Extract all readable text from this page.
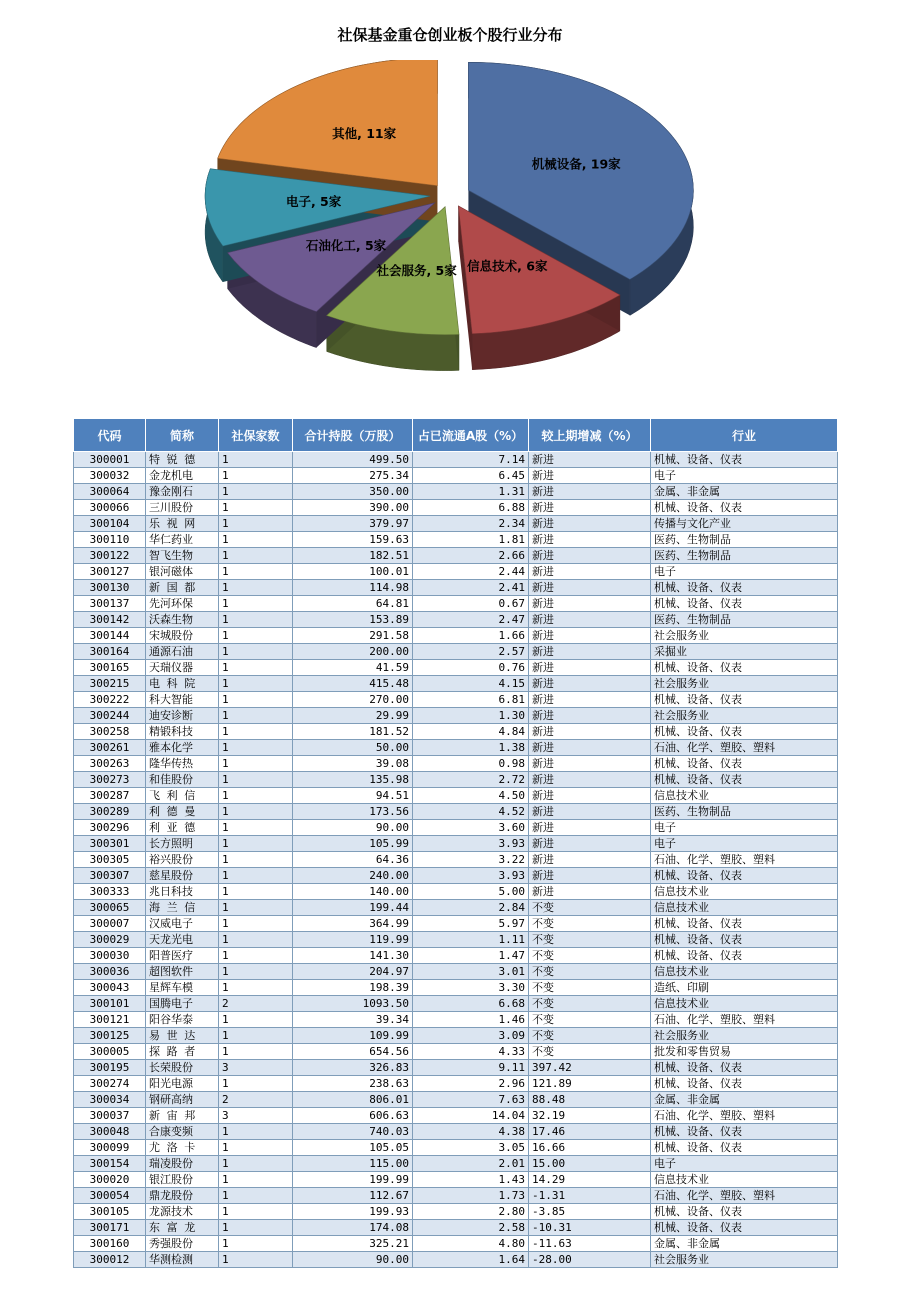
社保基金重仓创业板个股行业分布
机械设备, 19家
信息技术, 6家
社会服务, 5家
石油化工, 5家
电子, 5家
其他, 11家
代码	简称	社保家数	合计持股（万股）	占已流通A股（%）	较上期增减（%）	行业
300001	特 锐 德	1	499.50	7.14	新进	机械、设备、仪表
300032	金龙机电	1	275.34	6.45	新进	电子
300064	豫金刚石	1	350.00	1.31	新进	金属、非金属
300066	三川股份	1	390.00	6.88	新进	机械、设备、仪表
300104	乐 视 网	1	379.97	2.34	新进	传播与文化产业
300110	华仁药业	1	159.63	1.81	新进	医药、生物制品
300122	智飞生物	1	182.51	2.66	新进	医药、生物制品
300127	银河磁体	1	100.01	2.44	新进	电子
300130	新 国 都	1	114.98	2.41	新进	机械、设备、仪表
300137	先河环保	1	64.81	0.67	新进	机械、设备、仪表
300142	沃森生物	1	153.89	2.47	新进	医药、生物制品
300144	宋城股份	1	291.58	1.66	新进	社会服务业
300164	通源石油	1	200.00	2.57	新进	采掘业
300165	天瑞仪器	1	41.59	0.76	新进	机械、设备、仪表
300215	电 科 院	1	415.48	4.15	新进	社会服务业
300222	科大智能	1	270.00	6.81	新进	机械、设备、仪表
300244	迪安诊断	1	29.99	1.30	新进	社会服务业
300258	精锻科技	1	181.52	4.84	新进	机械、设备、仪表
300261	雅本化学	1	50.00	1.38	新进	石油、化学、塑胶、塑料
300263	隆华传热	1	39.08	0.98	新进	机械、设备、仪表
300273	和佳股份	1	135.98	2.72	新进	机械、设备、仪表
300287	飞 利 信	1	94.51	4.50	新进	信息技术业
300289	利 德 曼	1	173.56	4.52	新进	医药、生物制品
300296	利 亚 德	1	90.00	3.60	新进	电子
300301	长方照明	1	105.99	3.93	新进	电子
300305	裕兴股份	1	64.36	3.22	新进	石油、化学、塑胶、塑料
300307	慈星股份	1	240.00	3.93	新进	机械、设备、仪表
300333	兆日科技	1	140.00	5.00	新进	信息技术业
300065	海 兰 信	1	199.44	2.84	不变	信息技术业
300007	汉威电子	1	364.99	5.97	不变	机械、设备、仪表
300029	天龙光电	1	119.99	1.11	不变	机械、设备、仪表
300030	阳普医疗	1	141.30	1.47	不变	机械、设备、仪表
300036	超图软件	1	204.97	3.01	不变	信息技术业
300043	星辉车模	1	198.39	3.30	不变	造纸、印刷
300101	国腾电子	2	1093.50	6.68	不变	信息技术业
300121	阳谷华泰	1	39.34	1.46	不变	石油、化学、塑胶、塑料
300125	易 世 达	1	109.99	3.09	不变	社会服务业
300005	探 路 者	1	654.56	4.33	不变	批发和零售贸易
300195	长荣股份	3	326.83	9.11	397.42	机械、设备、仪表
300274	阳光电源	1	238.63	2.96	121.89	机械、设备、仪表
300034	钢研高纳	2	806.01	7.63	88.48	金属、非金属
300037	新 宙 邦	3	606.63	14.04	32.19	石油、化学、塑胶、塑料
300048	合康变频	1	740.03	4.38	17.46	机械、设备、仪表
300099	尤 洛 卡	1	105.05	3.05	16.66	机械、设备、仪表
300154	瑞凌股份	1	115.00	2.01	15.00	电子
300020	银江股份	1	199.99	1.43	14.29	信息技术业
300054	鼎龙股份	1	112.67	1.73	-1.31	石油、化学、塑胶、塑料
300105	龙源技术	1	199.93	2.80	-3.85	机械、设备、仪表
300171	东 富 龙	1	174.08	2.58	-10.31	机械、设备、仪表
300160	秀强股份	1	325.21	4.80	-11.63	金属、非金属
300012	华测检测	1	90.00	1.64	-28.00	社会服务业
